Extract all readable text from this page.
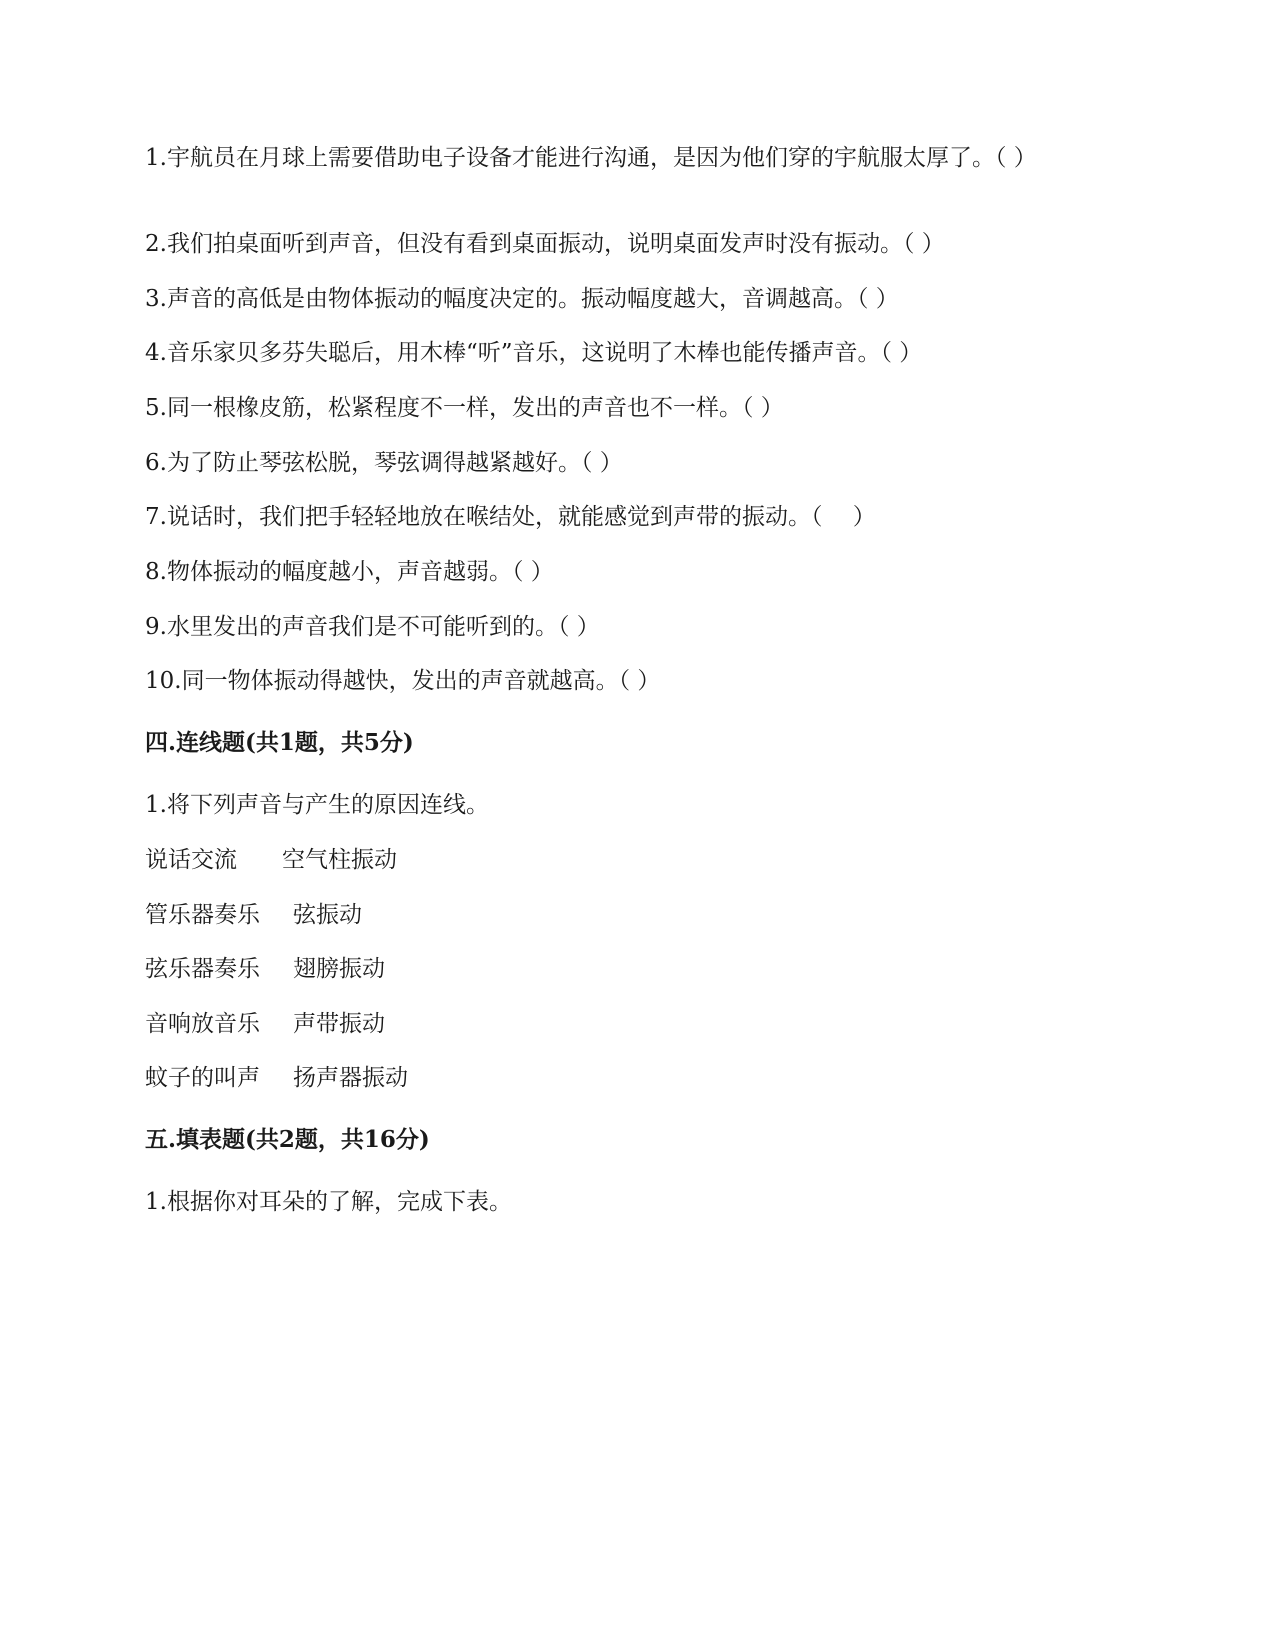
1.宇航员在月球上需要借助电子设备才能进行沟通，是因为他们穿的宇航服太厚了。（ ）

2.我们拍桌面听到声音，但没有看到桌面振动，说明桌面发声时没有振动。（ ）

3.声音的高低是由物体振动的幅度决定的。振动幅度越大，音调越高。（ ）

4.音乐家贝多芬失聪后，用木棒“听”音乐，这说明了木棒也能传播声音。（ ）

5.同一根橡皮筋，松紧程度不一样，发出的声音也不一样。（ ）

6.为了防止琴弦松脱，琴弦调得越紧越好。（ ）

7.说话时，我们把手轻轻地放在喉结处，就能感觉到声带的振动。（　 ）

8.物体振动的幅度越小，声音越弱。（ ）

9.水里发出的声音我们是不可能听到的。（ ）

10.同一物体振动得越快，发出的声音就越高。（ ）

四.连线题(共1题，共5分)

1.将下列声音与产生的原因连线。

说话交流 空气柱振动
管乐器奏乐 弦振动
弦乐器奏乐 翅膀振动
音响放音乐 声带振动
蚊子的叫声 扬声器振动

五.填表题(共2题，共16分)

1.根据你对耳朵的了解，完成下表。
